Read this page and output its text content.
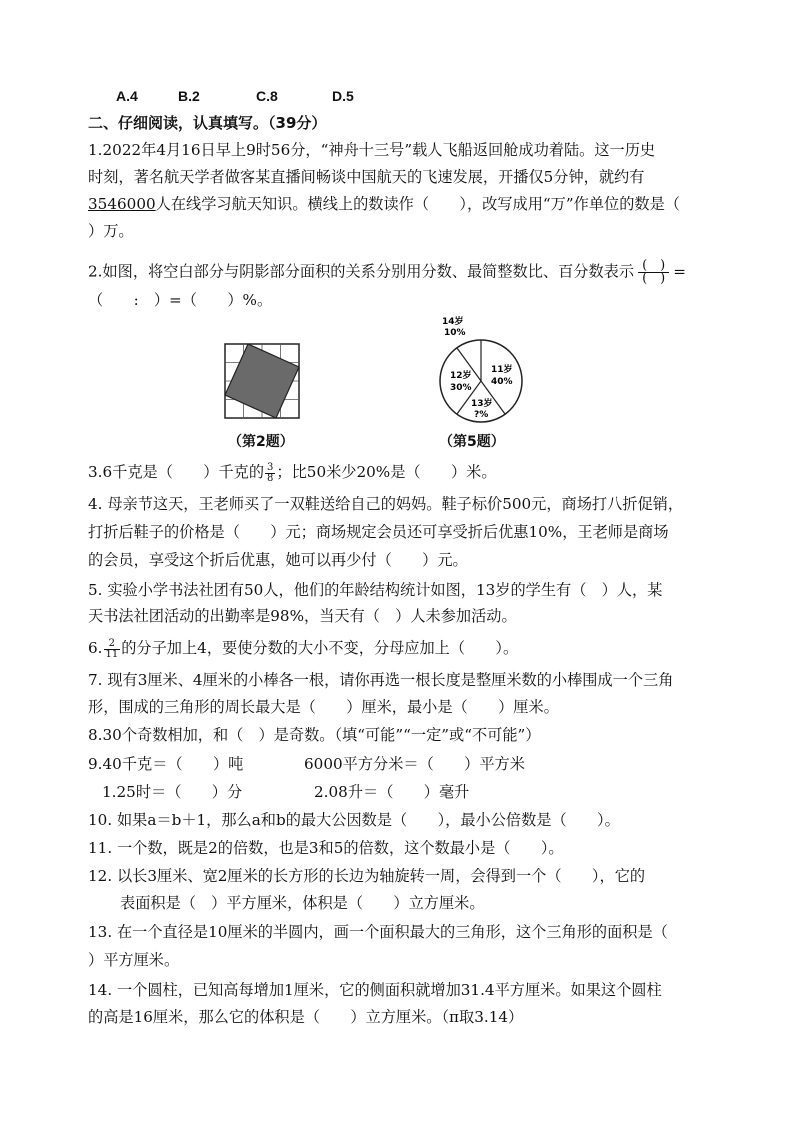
A.4	B.2	C.8	D.5
二、仔细阅读，认真填写。（39分）
1.2022年4月16日早上9时56分，“神舟十三号”载人飞船返回舱成功着陆。这一历史
时刻，著名航天学者做客某直播间畅谈中国航天的飞速发展，开播仅5分钟，就约有
3546000人在线学习航天知识。横线上的数读作（　　），改写成用“万”作单位的数是（
）万。
2.如图，将空白部分与阴影部分面积的关系分别用分数、最简整数比、百分数表示 (　)
(　) =
（　　:　）=（　　）%。
14岁
10%
11岁
40%
12岁
30%
13岁
?%
（第2题）	（第5题）
3.6千克是（　　）千克的 $\frac{3}{8}$ ；比50米少20%是（　　）米。
4. 母亲节这天，王老师买了一双鞋送给自己的妈妈。鞋子标价500元，商场打八折促销，
打折后鞋子的价格是（　　）元；商场规定会员还可享受折后优惠10%，王老师是商场
的会员，享受这个折后优惠，她可以再少付（　　）元。
5. 实验小学书法社团有50人，他们的年龄结构统计如图，13岁的学生有（　）人，某
天书法社团活动的出勤率是98%，当天有（　）人未参加活动。
6. $\frac{2}{11}$ 的分子加上4，要使分数的大小不变，分母应加上（　　）。
7. 现有3厘米、4厘米的小棒各一根，请你再选一根长度是整厘米数的小棒围成一个三角
形，围成的三角形的周长最大是（　　）厘米，最小是（　　）厘米。
8.30个奇数相加，和（　）是奇数。（填“可能”“一定”或“不可能”）
9.40千克＝（　　）吨	6000平方分米＝（　　）平方米
1.25时＝（　　）分	2.08升＝（　　）毫升
10. 如果a＝b＋1，那么a和b的最大公因数是（　　），最小公倍数是（　　）。
11. 一个数，既是2的倍数，也是3和5的倍数，这个数最小是（　　）。
12. 以长3厘米、宽2厘米的长方形的长边为轴旋转一周，会得到一个（　　），它的
表面积是（　）平方厘米，体积是（　　）立方厘米。
13. 在一个直径是10厘米的半圆内，画一个面积最大的三角形，这个三角形的面积是（
）平方厘米。
14. 一个圆柱，已知高每增加1厘米，它的侧面积就增加31.4平方厘米。如果这个圆柱
的高是16厘米，那么它的体积是（　　）立方厘米。（π取3.14）
